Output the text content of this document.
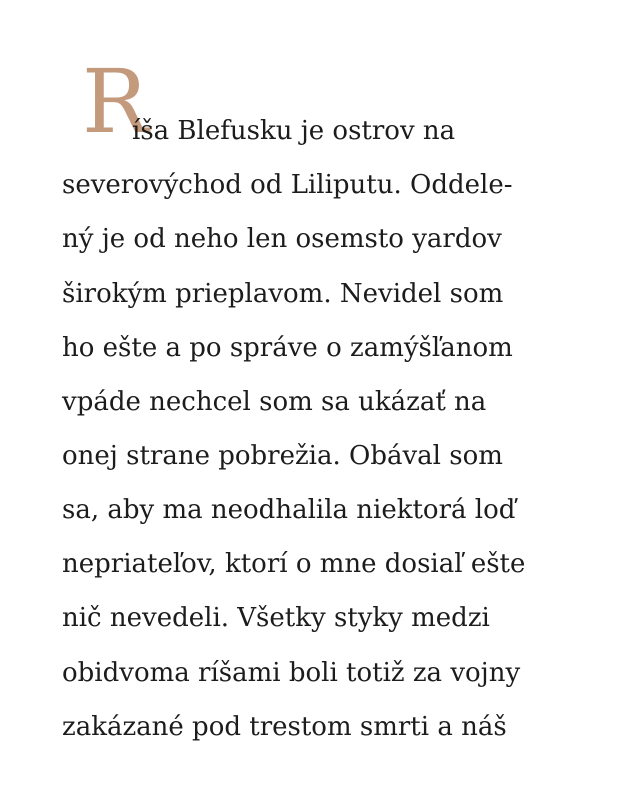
R
íša Blefusku je ostrov na
severovýchod od Liliputu. Oddele-
ný je od neho len osemsto yardov
širokým prieplavom. Nevidel som
ho ešte a po správe o zamýšľanom
vpáde nechcel som sa ukázať na
onej strane pobrežia. Obával som
sa, aby ma neodhalila niektorá loď
nepriateľov, ktorí o mne dosiaľ ešte
nič nevedeli. Všetky styky medzi
obidvoma ríšami boli totiž za vojny
zakázané pod trestom smrti a náš
